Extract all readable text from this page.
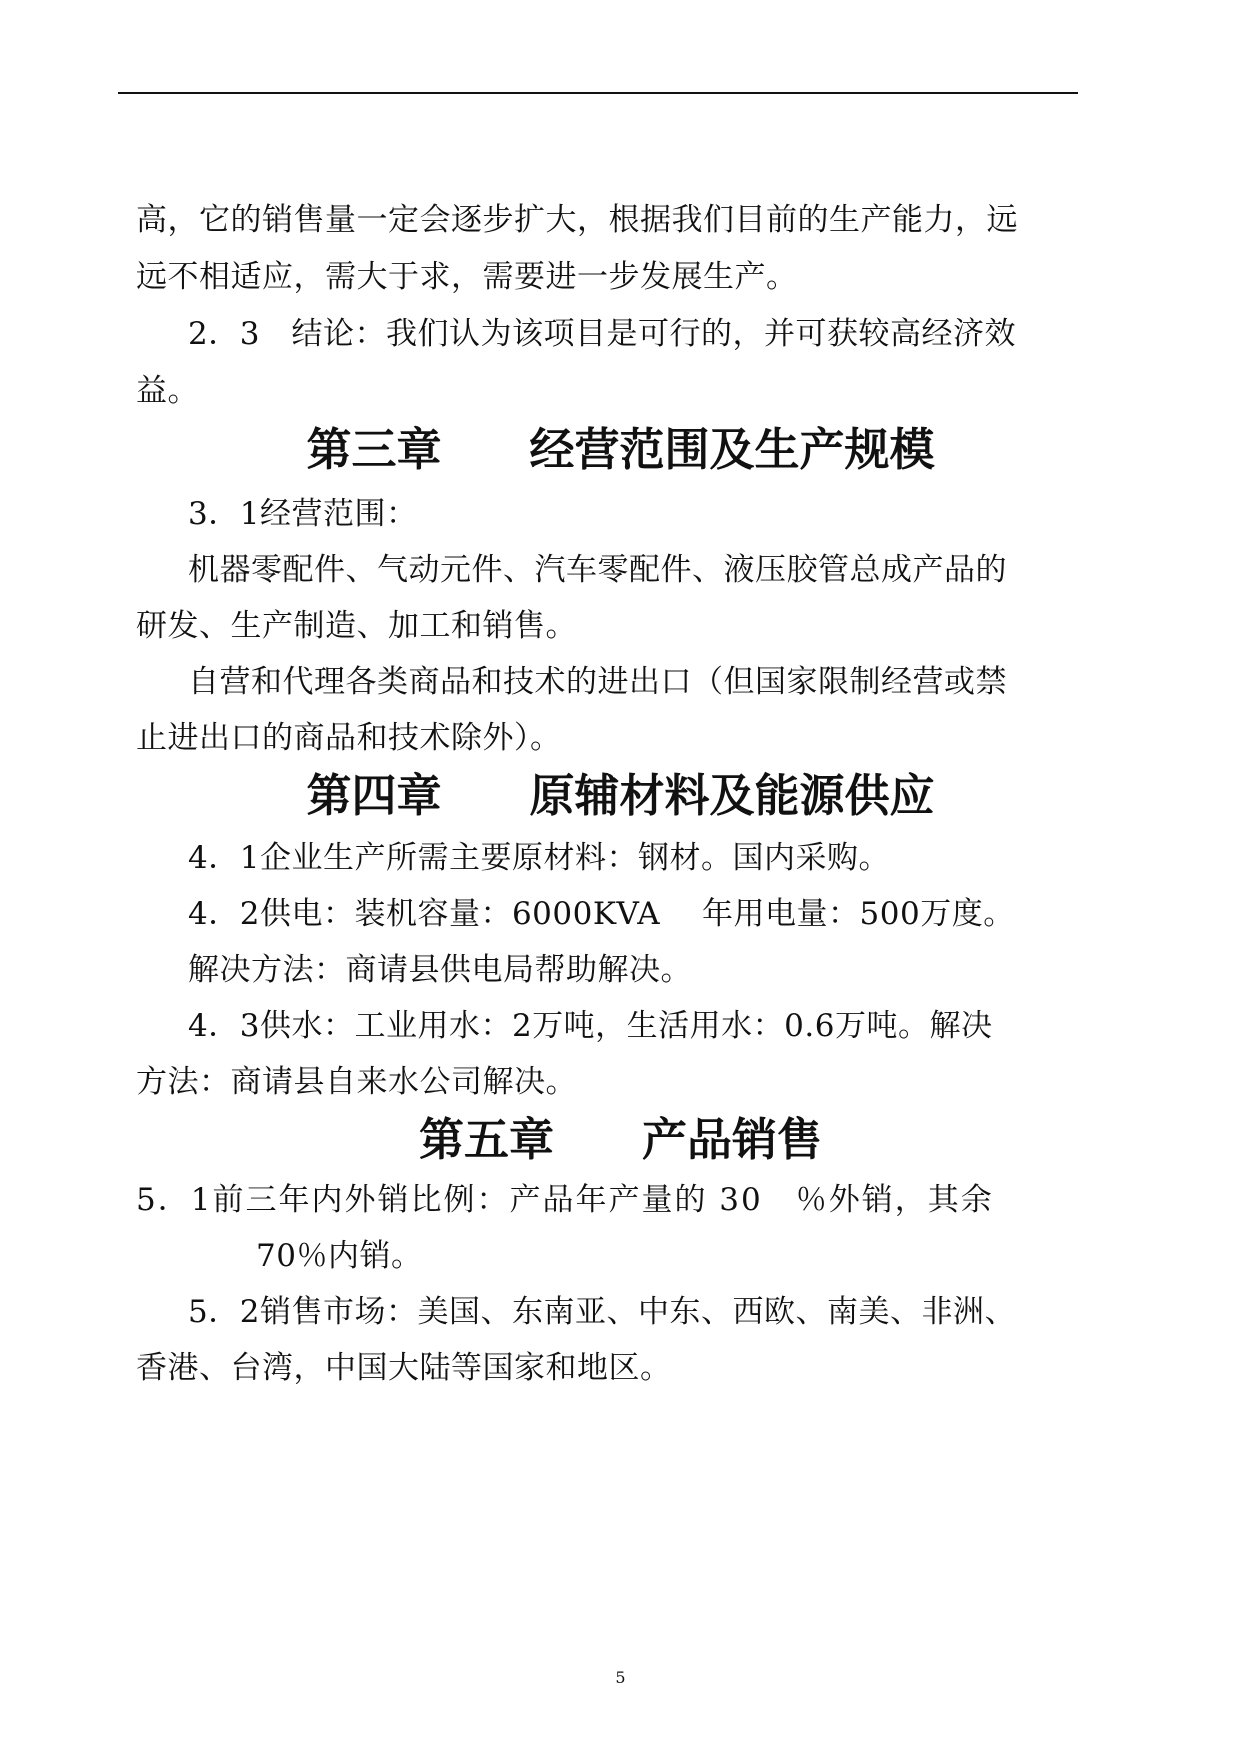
高，它的销售量一定会逐步扩大，根据我们目前的生产能力，远

远不相适应，需大于求，需要进一步发展生产。

2．3　结论：我们认为该项目是可行的，并可获较高经济效

益。

第三章 经营范围及生产规模

3．1经营范围：

机器零配件、气动元件、汽车零配件、液压胶管总成产品的

研发、生产制造、加工和销售。

自营和代理各类商品和技术的进出口（但国家限制经营或禁

止进出口的商品和技术除外）。

第四章 原辅材料及能源供应

4．1企业生产所需主要原材料：钢材。国内采购。

4．2供电：装机容量：6000KVA　 年用电量：500万度。

解决方法：商请县供电局帮助解决。

4．3供水：工业用水：2万吨，生活用水：0.6万吨。解决

方法：商请县自来水公司解决。

第五章 产品销售

5．1前三年内外销比例：产品年产量的 30　％外销，其余

70％内销。

5．2销售市场：美国、东南亚、中东、西欧、南美、非洲、

香港、台湾，中国大陆等国家和地区。

5
